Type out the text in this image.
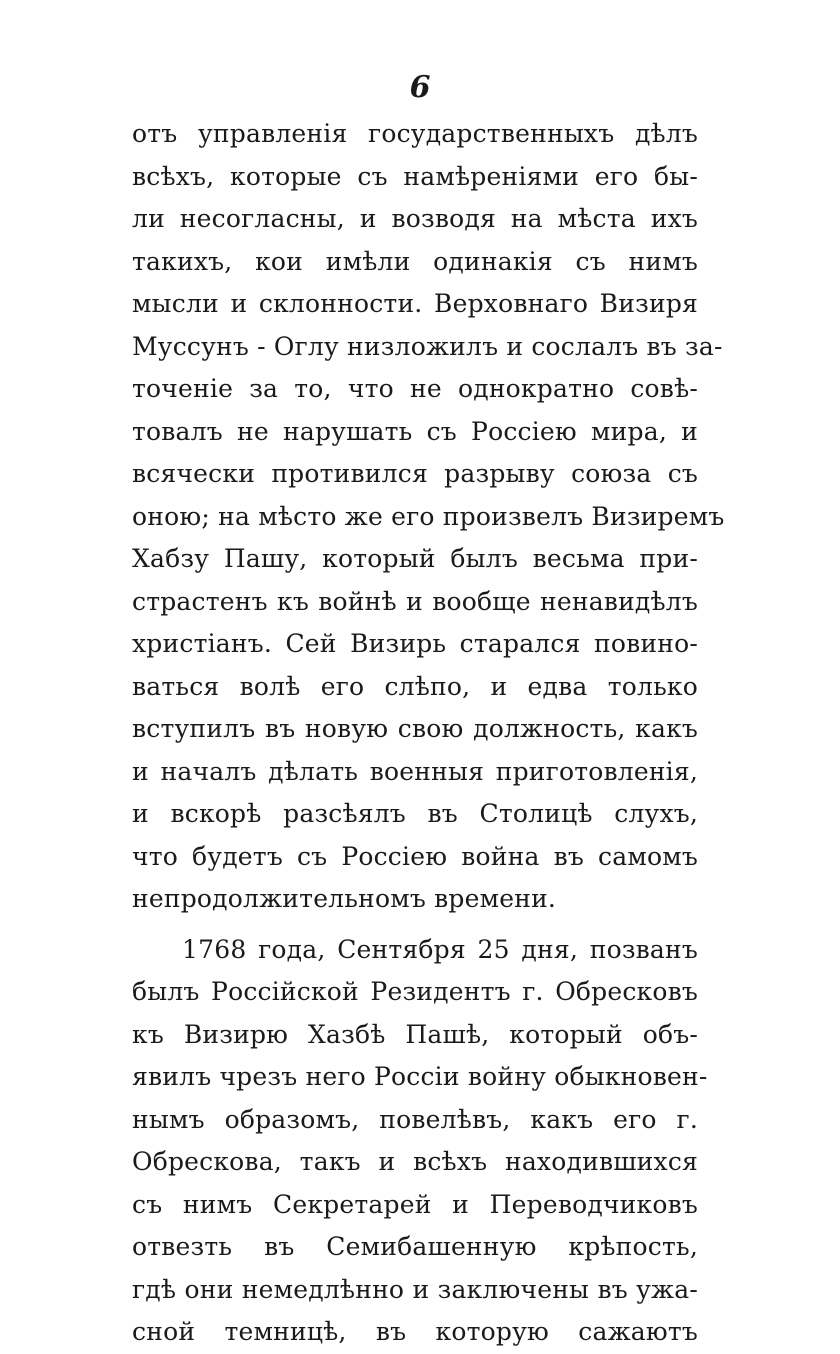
6
отъ управленія государственныхъ дѣлъ
всѣхъ, которые съ намѣреніями его бы-
ли несогласны, и возводя на мѣста ихъ
такихъ, кои имѣли одинакія съ нимъ
мысли и склонности. Верховнаго Визиря
Муссунъ - Оглу низложилъ и сослалъ въ за-
точеніе за то, что не однократно совѣ-
товалъ не нарушать съ Россіею мира, и
всячески противился разрыву союза съ
оною; на мѣсто же его произвелъ Визиремъ
Хабзу Пашу, который былъ весьма при-
страстенъ къ войнѣ и вообще ненавидѣлъ
христіанъ. Сей Визирь старался повино-
ваться волѣ его слѣпо, и едва только
вступилъ въ новую свою должность, какъ
и началъ дѣлать военныя приготовленія,
и вскорѣ разсѣялъ въ Столицѣ слухъ,
что будетъ съ Россіею война въ самомъ
непродолжительномъ времени.
1768 года, Сентября 25 дня, позванъ
былъ Россійской Резидентъ г. Обресковъ
къ Визирю Хазбѣ Пашѣ, который объ-
явилъ чрезъ него Россіи войну обыкновен-
нымъ образомъ, повелѣвъ, какъ его г.
Обрескова, такъ и всѣхъ находившихся
съ нимъ Секретарей и Переводчиковъ
отвезть въ Семибашенную крѣпость,
гдѣ они немедлѣнно и заключены въ ужа-
сной темницѣ, въ которую сажаютъ
